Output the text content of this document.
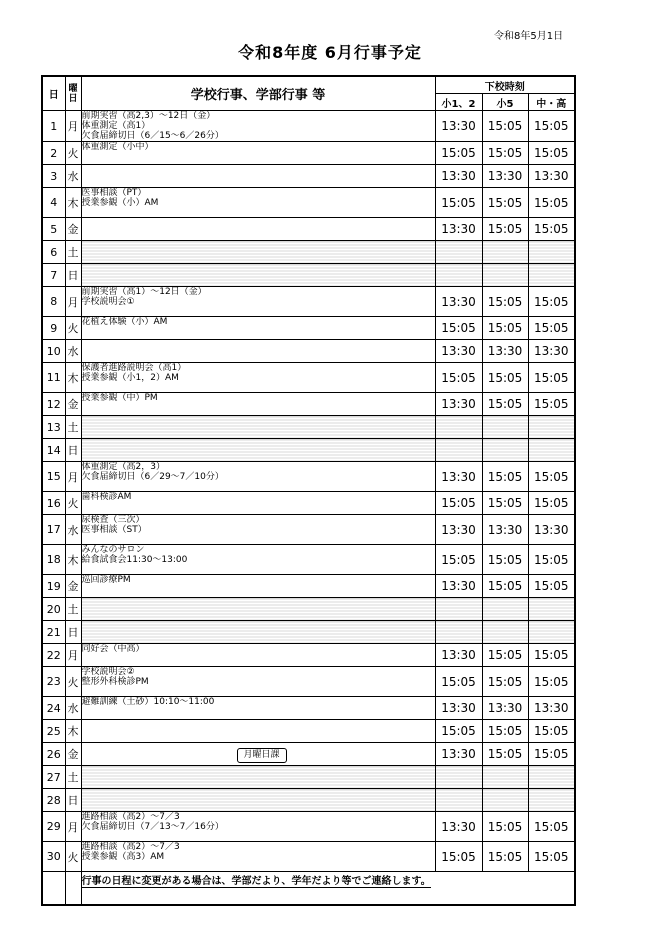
令和8年5月1日
令和8年度 6月行事予定
日	曜日	学校行事、学部行事 等	下校時刻		
			小1、2	小5	中・高
1	月	前期実習（高2,3）～12日（金）
体重測定（高1）
欠食届締切日（6／15～6／26分）	13:30	15:05	15:05
2	火	体重測定（小中）	15:05	15:05	15:05
3	水		13:30	13:30	13:30
4	木	医事相談（PT）
授業参観（小）AM	15:05	15:05	15:05
5	金		13:30	15:05	15:05
6	土				
7	日				
8	月	前期実習（高1）～12日（金）
学校説明会①	13:30	15:05	15:05
9	火	花植え体験（小）AM	15:05	15:05	15:05
10	水		13:30	13:30	13:30
11	木	保護者進路説明会（高1）
授業参観（小1，2）AM	15:05	15:05	15:05
12	金	授業参観（中）PM	13:30	15:05	15:05
13	土				
14	日				
15	月	体重測定（高2，3）
欠食届締切日（6／29～7／10分）	13:30	15:05	15:05
16	火	歯科検診AM	15:05	15:05	15:05
17	水	尿検査（三次）
医事相談（ST）	13:30	13:30	13:30
18	木	みんなのサロン
給食試食会11:30～13:00	15:05	15:05	15:05
19	金	巡回診療PM	13:30	15:05	15:05
20	土				
21	日				
22	月	同好会（中高）	13:30	15:05	15:05
23	火	学校説明会②
整形外科検診PM	15:05	15:05	15:05
24	水	避難訓練（土砂）10:10～11:00	13:30	13:30	13:30
25	木		15:05	15:05	15:05
26	金	月曜日課	13:30	15:05	15:05
27	土				
28	日				
29	月	進路相談（高2）～7／3
欠食届締切日（7／13～7／16分）	13:30	15:05	15:05
30	火	進路相談（高2）～7／3
授業参観（高3）AM	15:05	15:05	15:05
		行事の日程に変更がある場合は、学部だより、学年だより等でご連絡します。			
